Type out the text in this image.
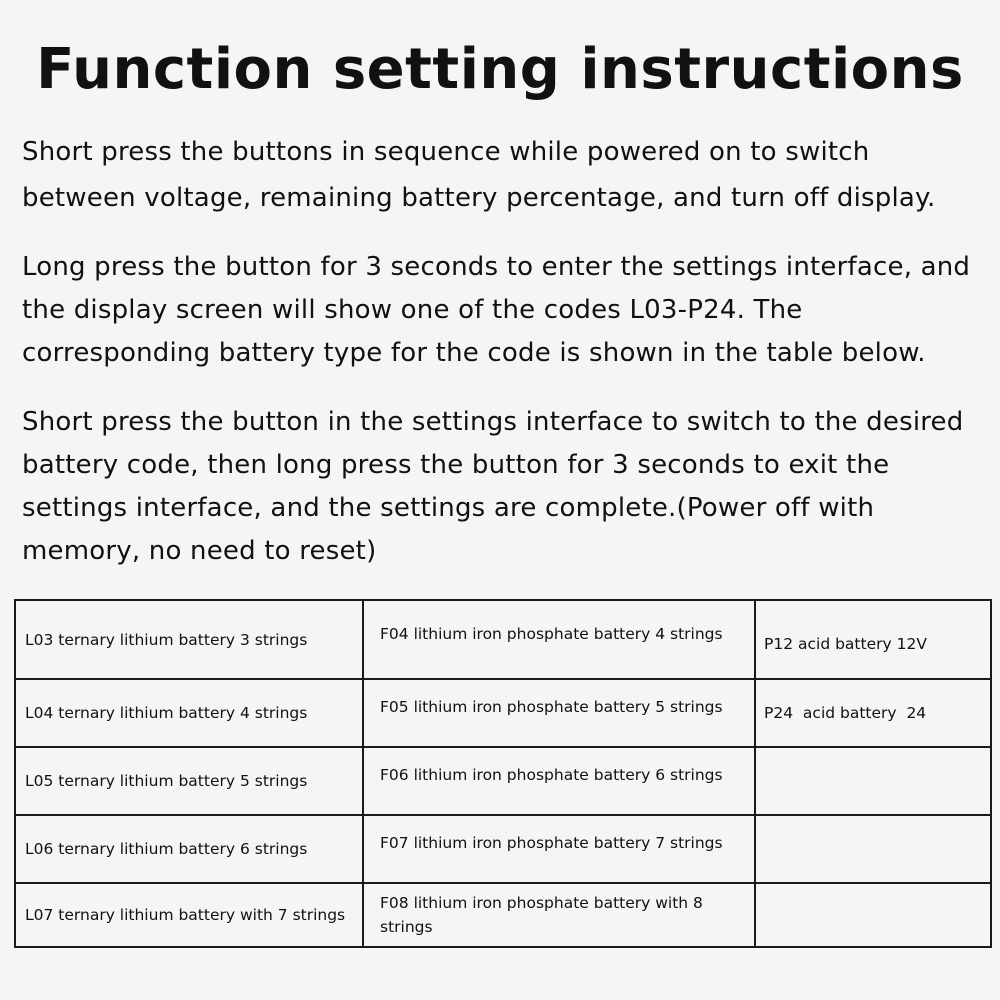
Function setting instructions

Short press the buttons in sequence while powered on to switch between voltage, remaining battery percentage, and turn off display.

Long press the button for 3 seconds to enter the settings interface, and the display screen will show one of the codes L03-P24. The corresponding battery type for the code is shown in the table below.

Short press the button in the settings interface to switch to the desired battery code, then long press the button for 3 seconds to exit the settings interface, and the settings are complete.(Power off with memory, no need to reset)

L03 ternary lithium battery 3 strings	F04 lithium iron phosphate battery 4 strings	P12 acid battery 12V
L04 ternary lithium battery 4 strings	F05 lithium iron phosphate battery 5 strings	P24  acid battery  24
L05 ternary lithium battery 5 strings	F06 lithium iron phosphate battery 6 strings	
L06 ternary lithium battery 6 strings	F07 lithium iron phosphate battery 7 strings	
L07 ternary lithium battery with 7 strings	F08 lithium iron phosphate battery with 8 strings	
